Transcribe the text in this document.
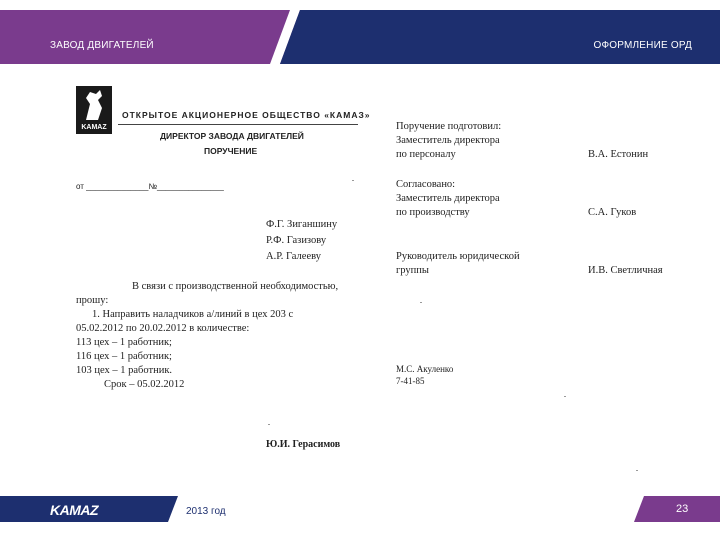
ЗАВОД ДВИГАТЕЛЕЙ	ОФОРМЛЕНИЕ ОРД
KAMAZ
ОТКРЫТОЕ АКЦИОНЕРНОЕ ОБЩЕСТВО «КАМАЗ»
ДИРЕКТОР ЗАВОДА ДВИГАТЕЛЕЙ
ПОРУЧЕНИЕ
от ______________№_______________
Ф.Г. Зиганшину
Р.Ф. Газизову
А.Р. Галееву
В связи с производственной необходимостью,
прошу:
1. Направить наладчиков а/линий в цех 203 с
05.02.2012 по 20.02.2012 в количестве:
113 цех – 1 работник;
116 цех – 1 работник;
103 цех – 1 работник.
Срок – 05.02.2012
Ю.И. Герасимов
Поручение подготовил:
Заместитель директора
по персоналу	В.А. Естонин
Согласовано:
Заместитель директора
по производству	С.А. Гуков
Руководитель юридической
группы	И.В. Светличная
М.С. Акуленко
7-41-85
KAMAZ	2013 год	23
